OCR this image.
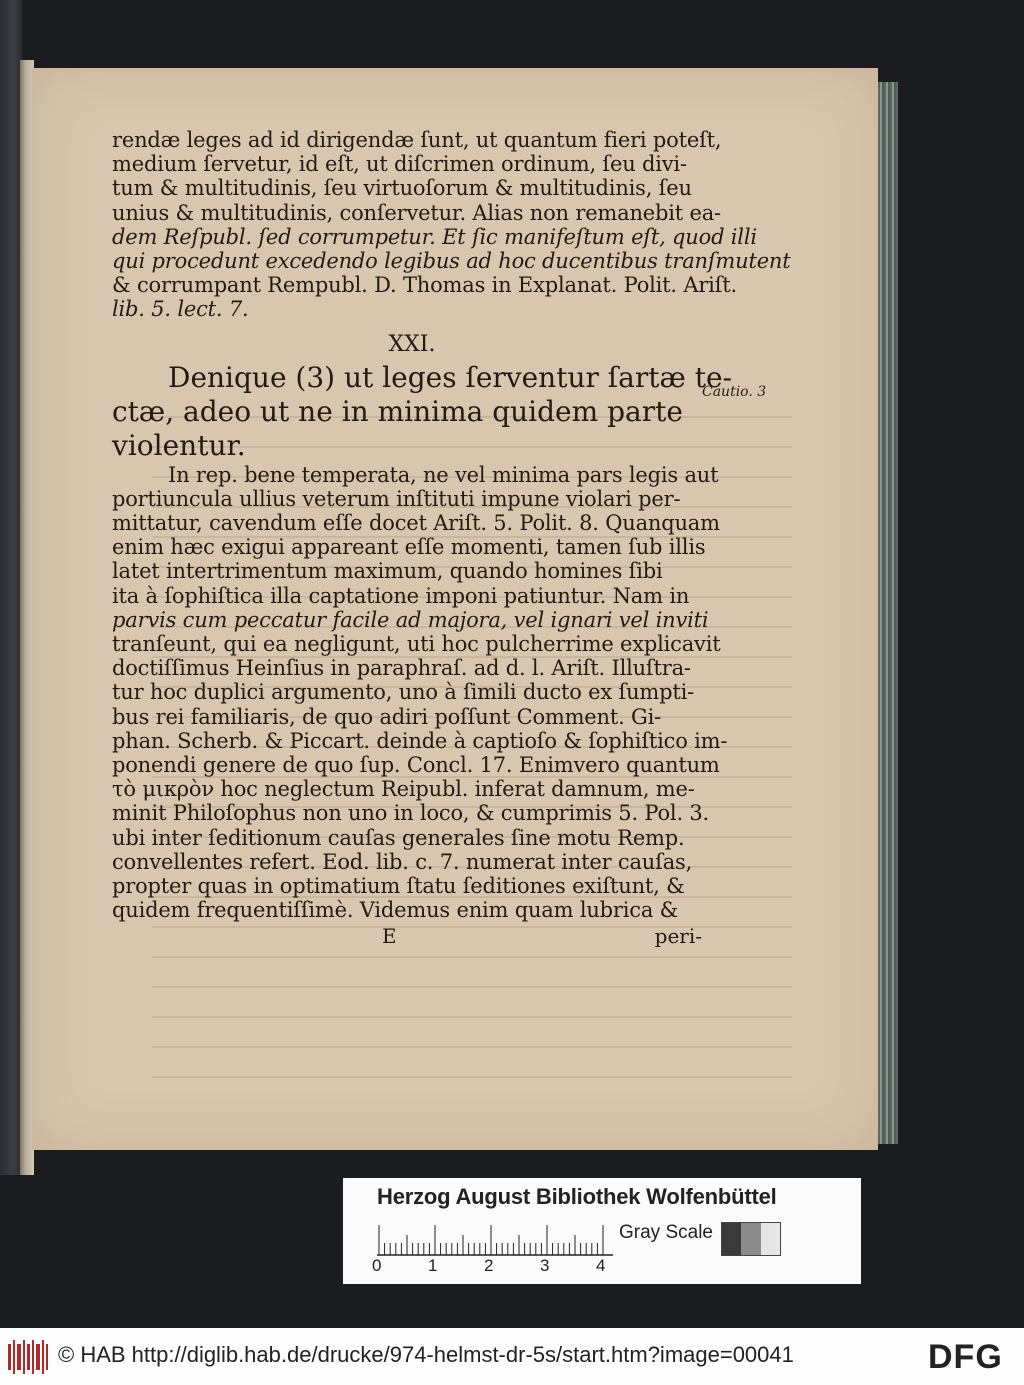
rendæ leges ad id dirigendæ ſunt, ut quantum fieri poteſt,
medium ſervetur, id eſt, ut diſcrimen ordinum, ſeu divi-
tum & multitudinis, ſeu virtuoſorum & multitudinis, ſeu
unius & multitudinis, conſervetur. Alias non remanebit ea-
dem Reſpubl. ſed corrumpetur. Et ſic manifeſtum eſt, quod illi
qui procedunt excedendo legibus ad hoc ducentibus tranſmutent
& corrumpant Rempubl. D. Thomas in Explanat. Polit. Ariſt.
lib. 5. lect. 7.
XXI.
Denique (3) ut leges ſerventur ſartæ te-
ctæ, adeo ut ne in minima quidem parte
violentur.
In rep. bene temperata, ne vel minima pars legis aut
portiuncula ullius veterum inſtituti impune violari per-
mittatur, cavendum eſſe docet Ariſt. 5. Polit. 8. Quanquam
enim hæc exigui appareant eſſe momenti, tamen ſub illis
latet intertrimentum maximum, quando homines ſibi
ita à ſophiſtica illa captatione imponi patiuntur. Nam in
parvis cum peccatur facile ad majora, vel ignari vel inviti
tranſeunt, qui ea negligunt, uti hoc pulcherrime explicavit
doctiſſimus Heinſius in paraphraſ. ad d. l. Ariſt. Illuſtra-
tur hoc duplici argumento, uno à ſimili ducto ex ſumpti-
bus rei familiaris, de quo adiri poſſunt Comment. Gi-
phan. Scherb. & Piccart. deinde à captioſo & ſophiſtico im-
ponendi genere de quo ſup. Concl. 17. Enimvero quantum
τὸ μικρὸν hoc neglectum Reipubl. inferat damnum, me-
minit Philoſophus non uno in loco, & cumprimis 5. Pol. 3.
ubi inter ſeditionum cauſas generales ſine motu Remp.
convellentes refert. Eod. lib. c. 7. numerat inter cauſas,
propter quas in optimatium ſtatu ſeditiones exiſtunt, &
quidem frequentiſſimè. Videmus enim quam lubrica &
E	peri-
Cautio. 3
Herzog August Bibliothek Wolfenbüttel
0	1	2	3	4
Gray Scale
© HAB http://diglib.hab.de/drucke/974-helmst-dr-5s/start.htm?image=00041	DFG
